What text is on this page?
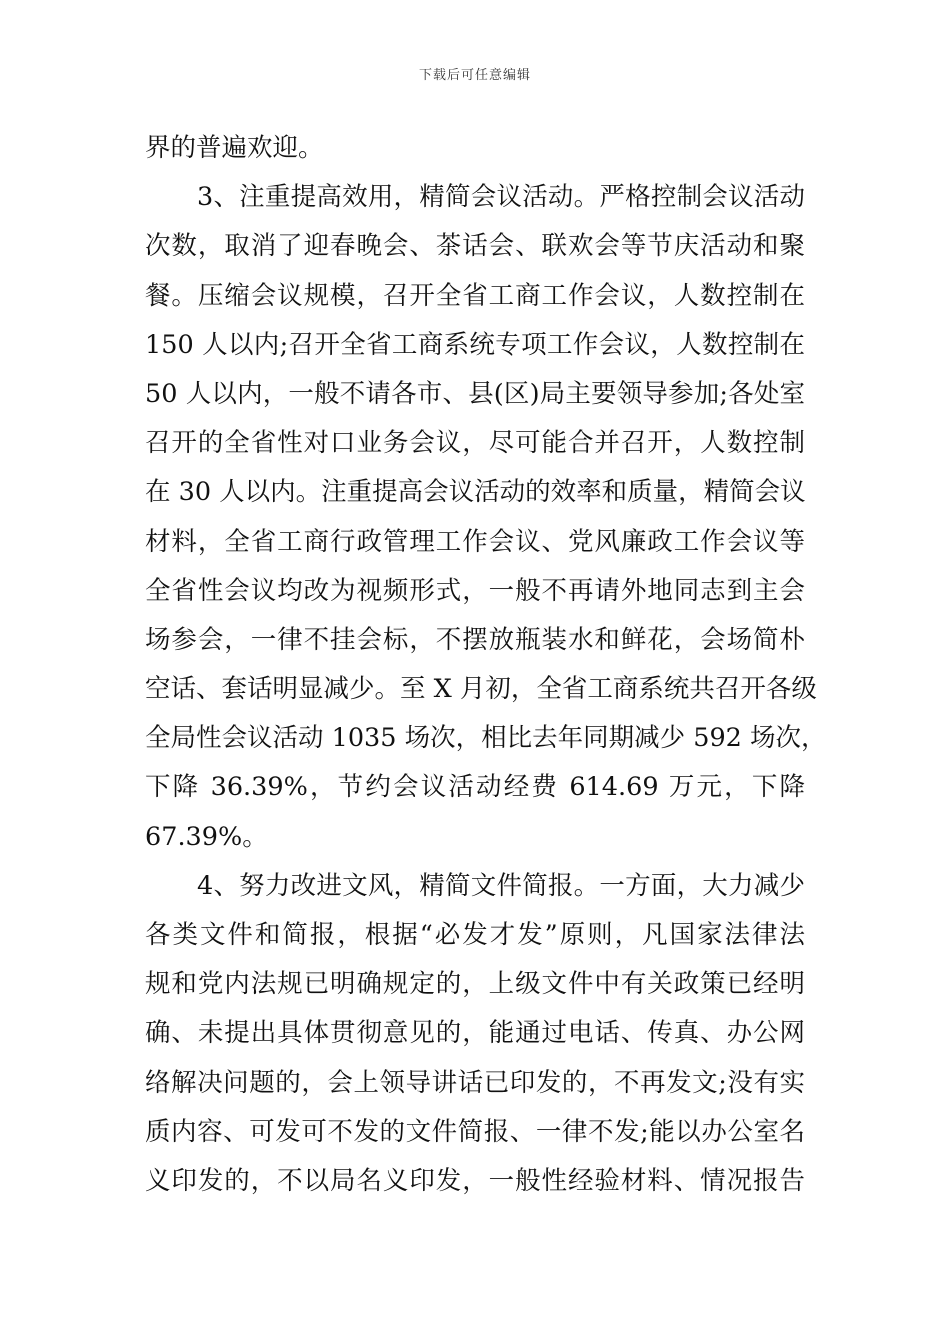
下载后可任意编辑
界的普遍欢迎。
3、注重提高效用，精简会议活动。严格控制会议活动
次数，取消了迎春晚会、茶话会、联欢会等节庆活动和聚
餐。压缩会议规模，召开全省工商工作会议，人数控制在
150 人以内;召开全省工商系统专项工作会议，人数控制在
50 人以内，一般不请各市、县(区)局主要领导参加;各处室
召开的全省性对口业务会议，尽可能合并召开，人数控制
在 30 人以内。注重提高会议活动的效率和质量，精简会议
材料，全省工商行政管理工作会议、党风廉政工作会议等
全省性会议均改为视频形式，一般不再请外地同志到主会
场参会，一律不挂会标，不摆放瓶装水和鲜花，会场简朴
空话、套话明显减少。至 X 月初，全省工商系统共召开各级
全局性会议活动 1035 场次，相比去年同期减少 592 场次，
下降 36.39%，节约会议活动经费 614.69 万元，下降
67.39%。
4、努力改进文风，精简文件简报。一方面，大力减少
各类文件和简报，根据“必发才发”原则，凡国家法律法
规和党内法规已明确规定的，上级文件中有关政策已经明
确、未提出具体贯彻意见的，能通过电话、传真、办公网
络解决问题的，会上领导讲话已印发的，不再发文;没有实
质内容、可发可不发的文件简报、一律不发;能以办公室名
义印发的，不以局名义印发，一般性经验材料、情况报告
